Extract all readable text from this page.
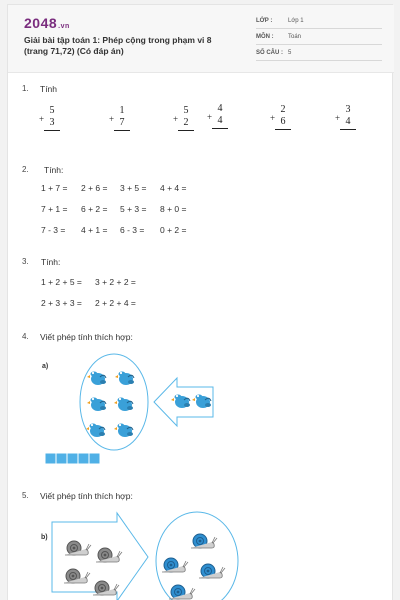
2048.vn
Giải bài tập toán 1: Phép cộng trong phạm vi 8 (trang 71,72) (Có đáp án)
LỚP :	Lớp 1
MÔN : Toán
SỐ CÂU : 5
1. Tính
5
+ 3
1
+ 7
5
+ 2
4
+ 4
2
+ 6
3
+ 4
2. Tính:
1 + 7 = 2 + 6 = 3 + 5 = 4 + 4 =
7 + 1 = 6 + 2 = 5 + 3 = 8 + 0 =
7 - 3 = 4 + 1 = 6 - 3 = 0 + 2 =
3. Tính:
1 + 2 + 5 = 3 + 2 + 2 =
2 + 3 + 3 = 2 + 2 + 4 =
4. Viết phép tính thích hợp:
a)
5. Viết phép tính thích hợp:
b)
